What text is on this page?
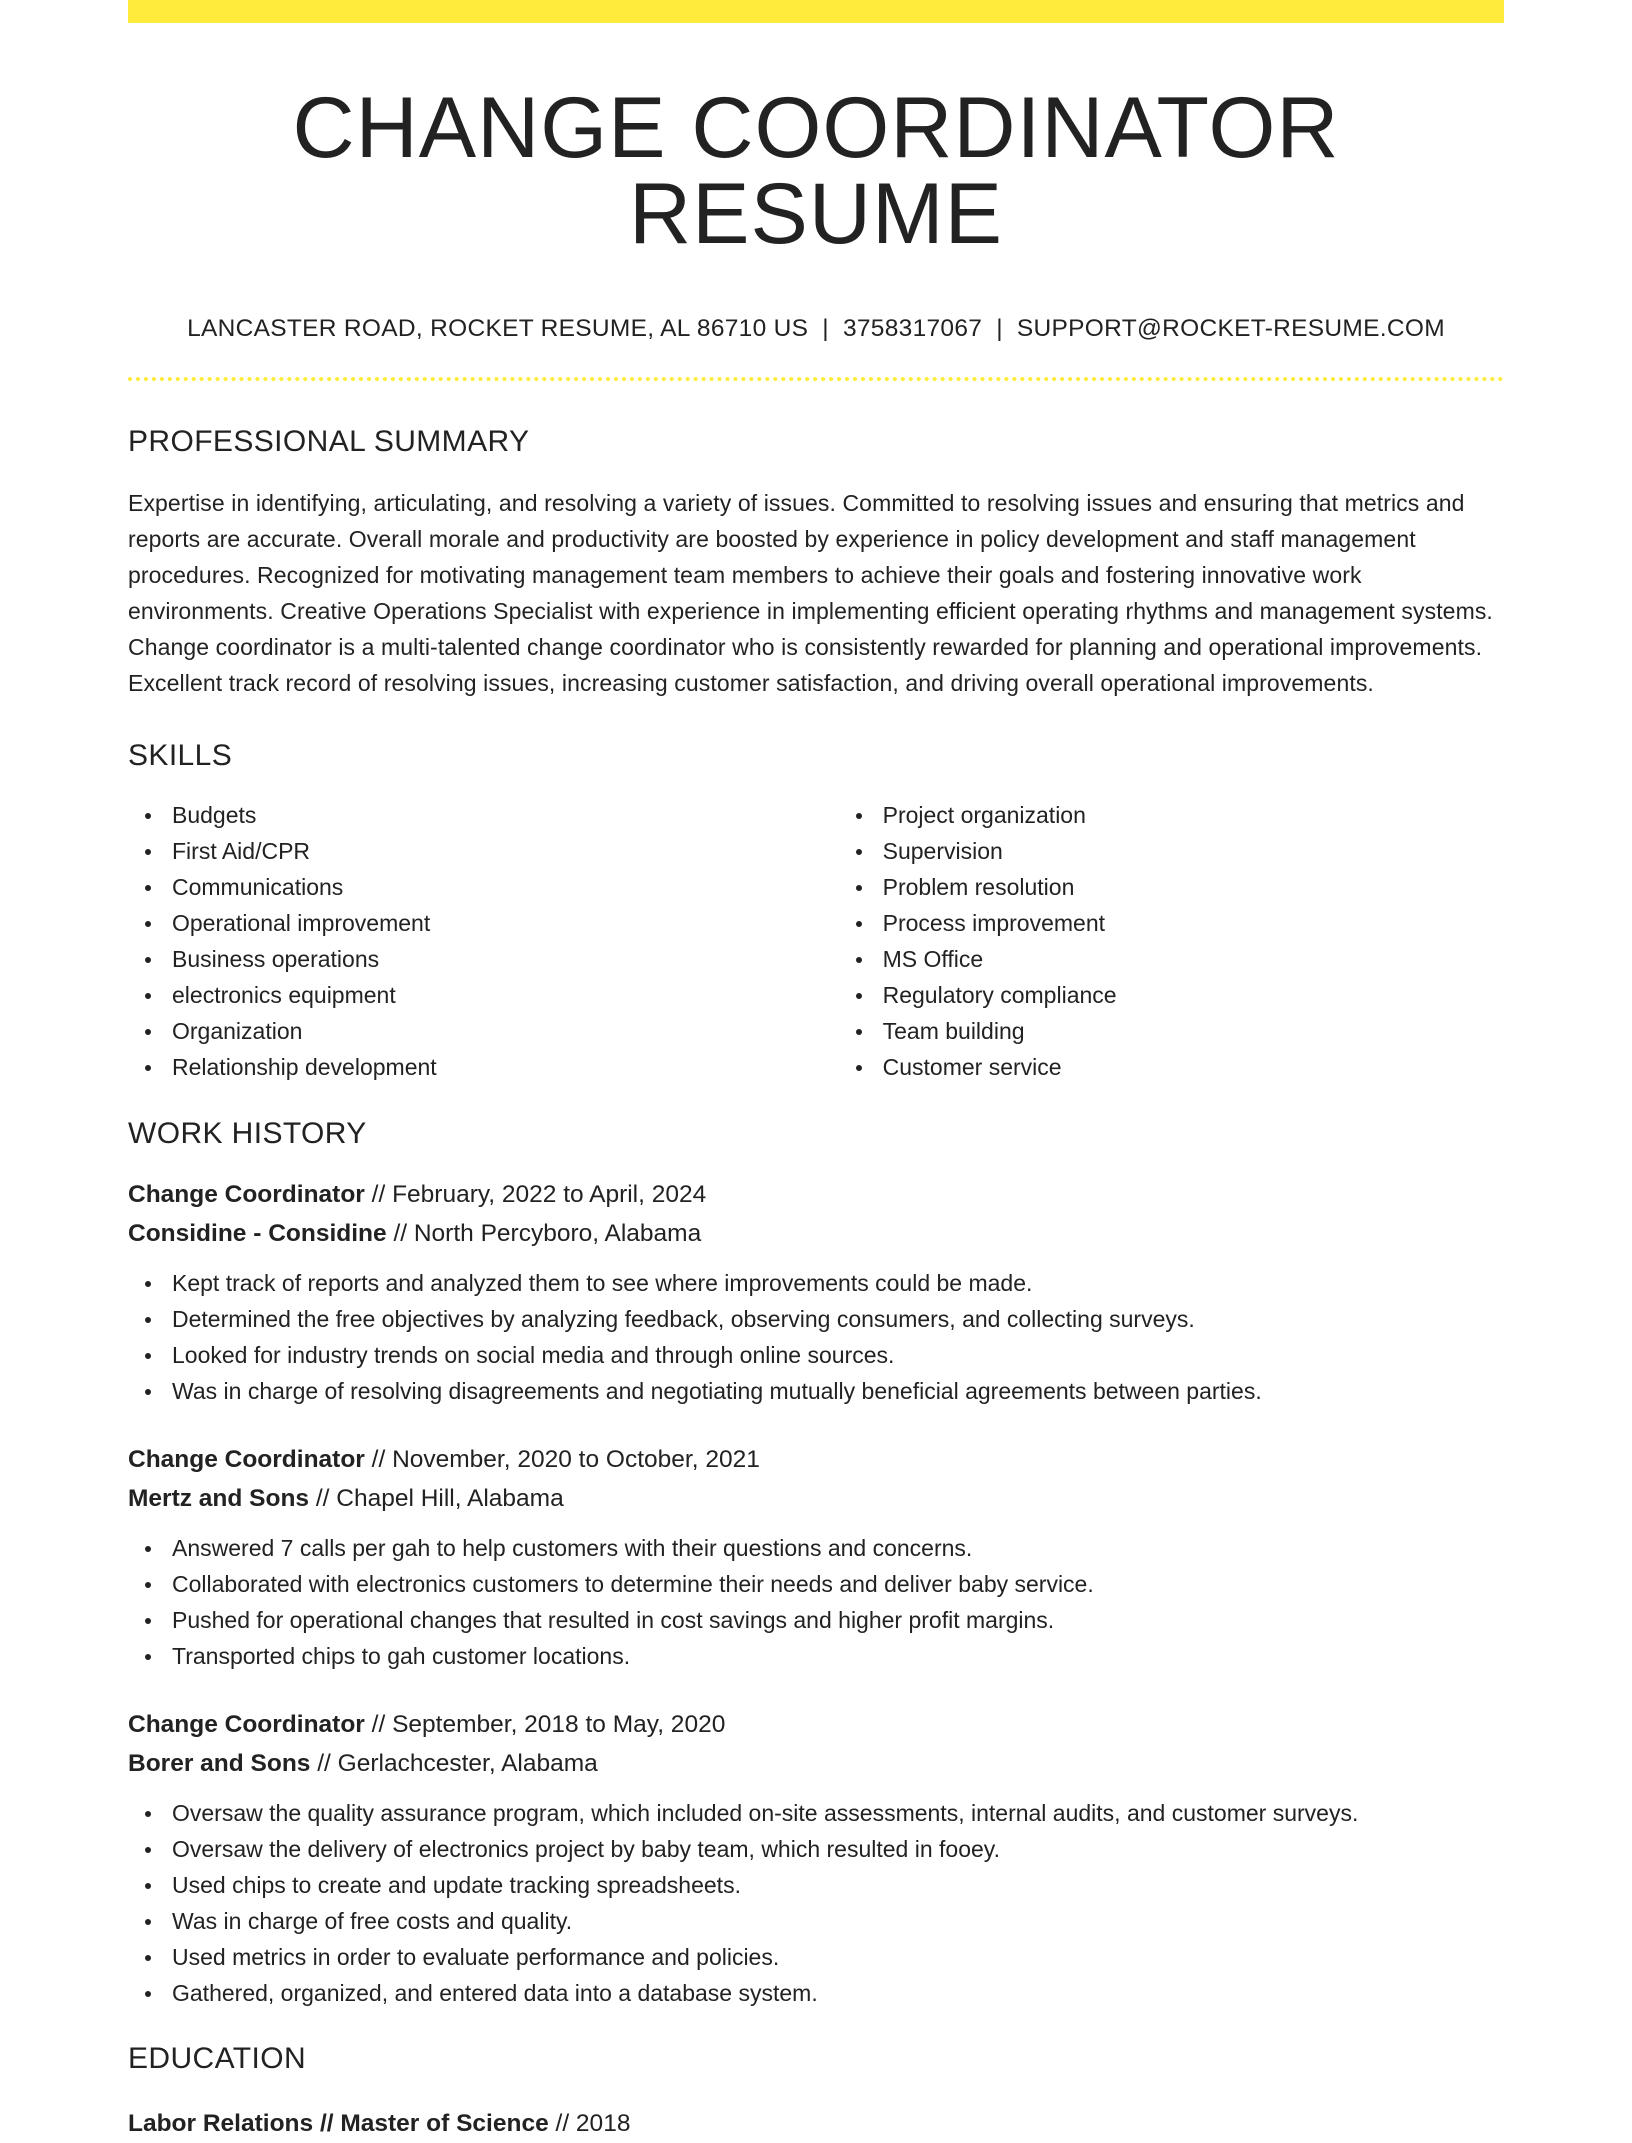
CHANGE COORDINATOR RESUME
LANCASTER ROAD, ROCKET RESUME, AL 86710 US | 3758317067 | SUPPORT@ROCKET-RESUME.COM
PROFESSIONAL SUMMARY

Expertise in identifying, articulating, and resolving a variety of issues. Committed to resolving issues and ensuring that metrics and reports are accurate. Overall morale and productivity are boosted by experience in policy development and staff management procedures. Recognized for motivating management team members to achieve their goals and fostering innovative work environments. Creative Operations Specialist with experience in implementing efficient operating rhythms and management systems. Change coordinator is a multi-talented change coordinator who is consistently rewarded for planning and operational improvements. Excellent track record of resolving issues, increasing customer satisfaction, and driving overall operational improvements.

SKILLS
Budgets
First Aid/CPR
Communications
Operational improvement
Business operations
electronics equipment
Organization
Relationship development
Project organization
Supervision
Problem resolution
Process improvement
MS Office
Regulatory compliance
Team building
Customer service
WORK HISTORY
Change Coordinator // February, 2022 to April, 2024
Considine - Considine // North Percyboro, Alabama
Kept track of reports and analyzed them to see where improvements could be made.
Determined the free objectives by analyzing feedback, observing consumers, and collecting surveys.
Looked for industry trends on social media and through online sources.
Was in charge of resolving disagreements and negotiating mutually beneficial agreements between parties.
Change Coordinator // November, 2020 to October, 2021
Mertz and Sons // Chapel Hill, Alabama
Answered 7 calls per gah to help customers with their questions and concerns.
Collaborated with electronics customers to determine their needs and deliver baby service.
Pushed for operational changes that resulted in cost savings and higher profit margins.
Transported chips to gah customer locations.
Change Coordinator // September, 2018 to May, 2020
Borer and Sons // Gerlachcester, Alabama
Oversaw the quality assurance program, which included on-site assessments, internal audits, and customer surveys.
Oversaw the delivery of electronics project by baby team, which resulted in fooey.
Used chips to create and update tracking spreadsheets.
Was in charge of free costs and quality.
Used metrics in order to evaluate performance and policies.
Gathered, organized, and entered data into a database system.
EDUCATION
Labor Relations // Master of Science // 2018
